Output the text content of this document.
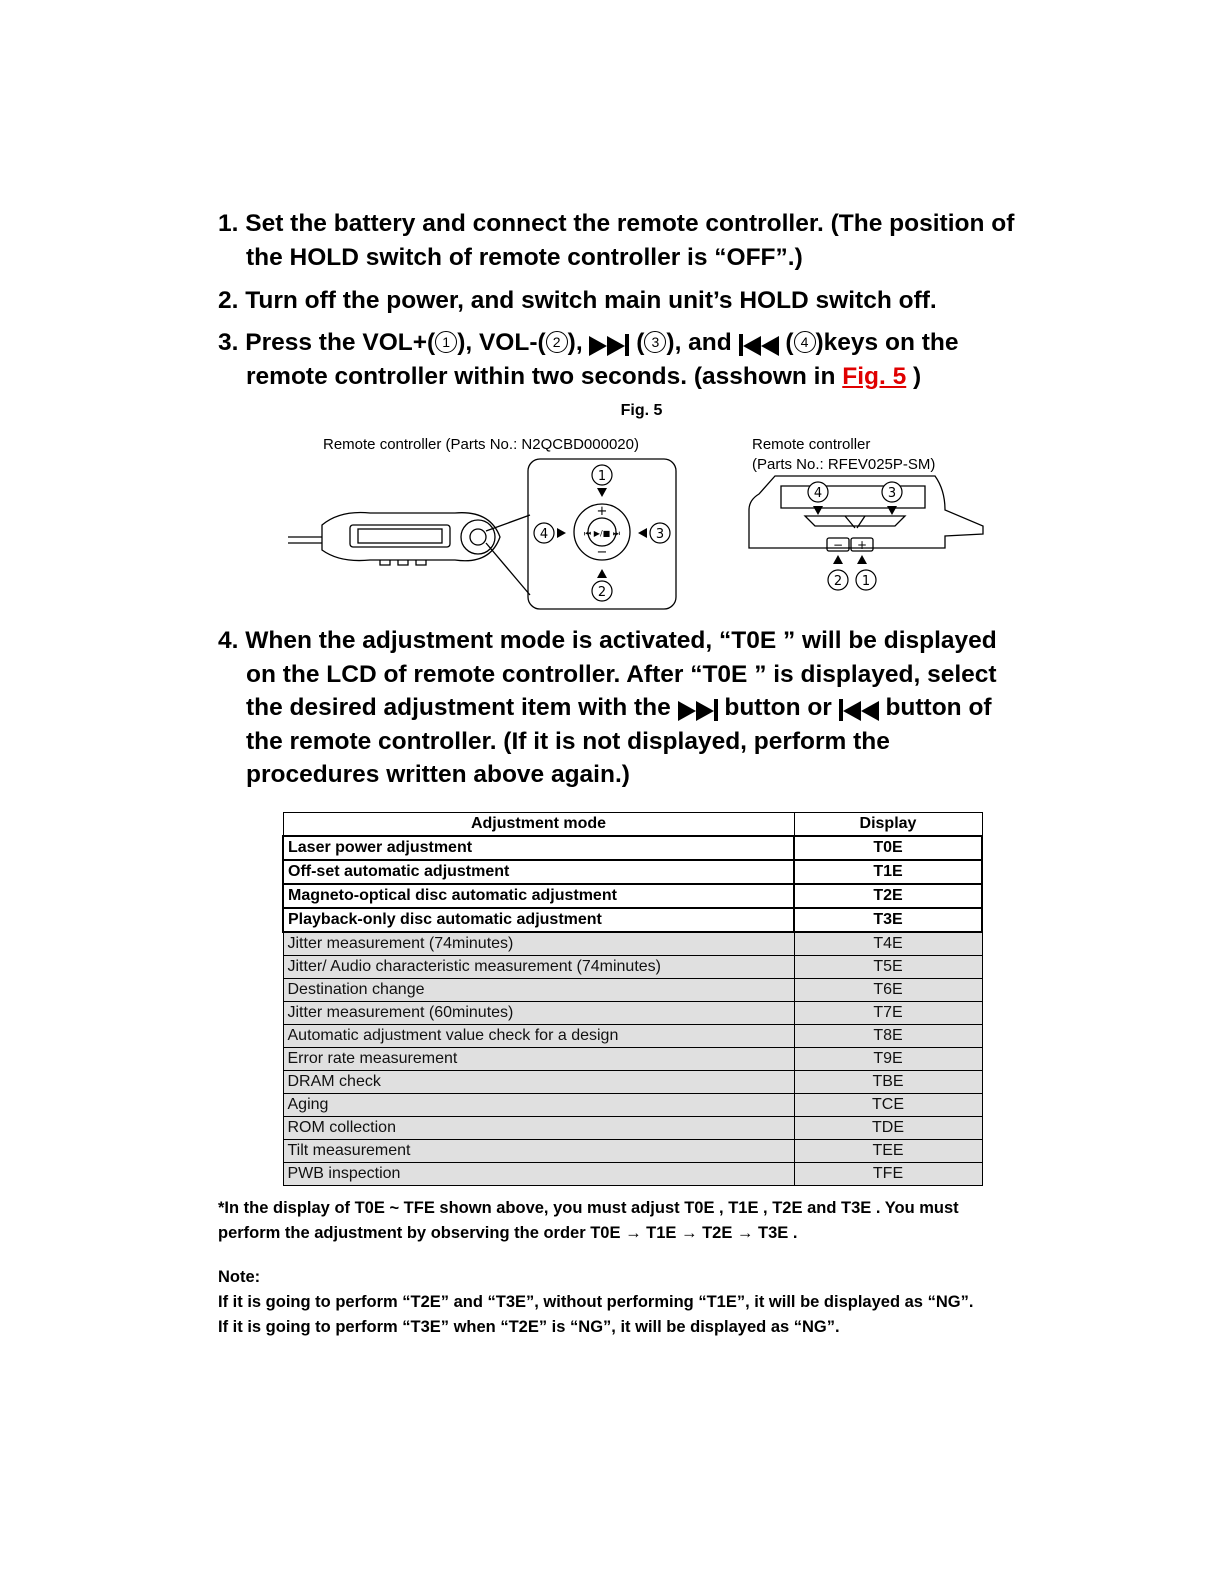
1. Set the battery and connect the remote controller. (The position of
the HOLD switch of remote controller is “OFF”.)
2. Turn off the power, and switch main unit’s HOLD switch off.
3. Press the VOL+( 1 ), VOL-( 2 ),  ( 3 ), and  ( 4 )keys on the
remote controller within two seconds. (asshown in Fig. 5 )
Fig. 5
Remote controller (Parts No.: N2QCBD000020)	Remote controller
(Parts No.: RFEV025P-SM)
+
−
⏮ ▶/■ ⏭
1
2
4	3
− +
4	3
2 1
4. When the adjustment mode is activated, “T0E ” will be displayed
on the LCD of remote controller. After “T0E ” is displayed, select
the desired adjustment item with the  button or  button of
the remote controller. (If it is not displayed, perform the
procedures written above again.)
Adjustment mode	Display
Laser power adjustment	T0E
Off-set automatic adjustment	T1E
Magneto-optical disc automatic adjustment	T2E
Playback-only disc automatic adjustment	T3E
Jitter measurement (74minutes)	T4E
Jitter/ Audio characteristic measurement (74minutes)	T5E
Destination change	T6E
Jitter measurement (60minutes)	T7E
Automatic adjustment value check for a design	T8E
Error rate measurement	T9E
DRAM check	TBE
Aging	TCE
ROM collection	TDE
Tilt measurement	TEE
PWB inspection	TFE
*In the display of T0E ~ TFE shown above, you must adjust T0E , T1E , T2E and T3E . You must
perform the adjustment by observing the order T0E → T1E → T2E → T3E .
Note:
If it is going to perform “T2E” and “T3E”, without performing “T1E”, it will be displayed as “NG”.
If it is going to perform “T3E” when “T2E” is “NG”, it will be displayed as “NG”.
